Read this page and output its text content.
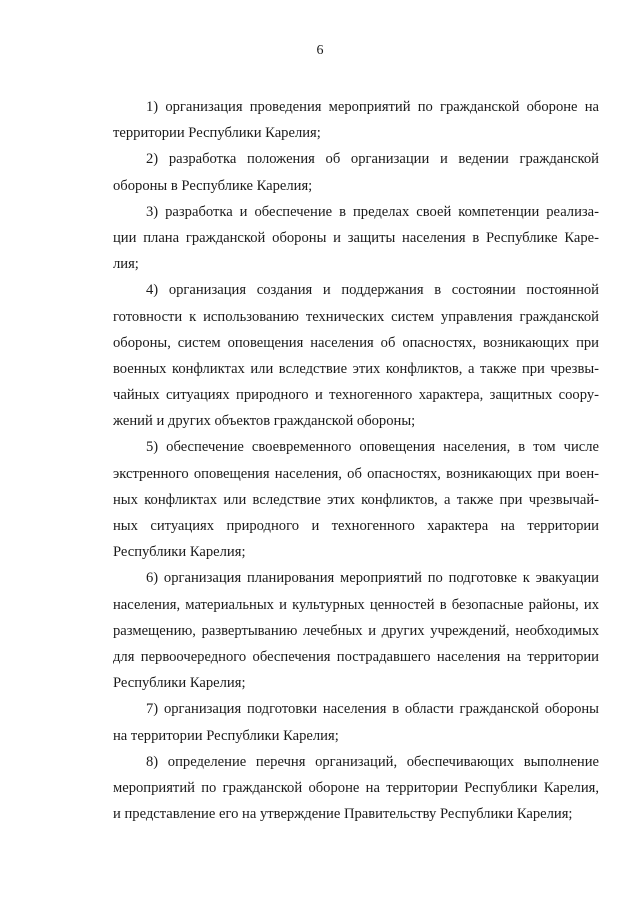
6
1) организация проведения мероприятий по гражданской обороне на
территории Республики Карелия;
2) разработка положения об организации и ведении гражданской
обороны в Республике Карелия;
3) разработка и обеспечение в пределах своей компетенции реализа-
ции плана гражданской обороны и защиты населения в Республике Каре-
лия;
4) организация создания и поддержания в состоянии постоянной
готовности к использованию технических систем управления гражданской
обороны, систем оповещения населения об опасностях, возникающих при
военных конфликтах или вследствие этих конфликтов, а также при чрезвы-
чайных ситуациях природного и техногенного характера, защитных соору-
жений и других объектов гражданской обороны;
5) обеспечение своевременного оповещения населения, в том числе
экстренного оповещения населения, об опасностях, возникающих при воен-
ных конфликтах или вследствие этих конфликтов, а также при чрезвычай-
ных ситуациях природного и техногенного характера на территории
Республики Карелия;
6) организация планирования мероприятий по подготовке к эвакуации
населения, материальных и культурных ценностей в безопасные районы, их
размещению, развертыванию лечебных и других учреждений, необходимых
для первоочередного обеспечения пострадавшего населения на территории
Республики Карелия;
7) организация подготовки населения в области гражданской обороны
на территории Республики Карелия;
8) определение перечня организаций, обеспечивающих выполнение
мероприятий по гражданской обороне на территории Республики Карелия,
и представление его на утверждение Правительству Республики Карелия;
